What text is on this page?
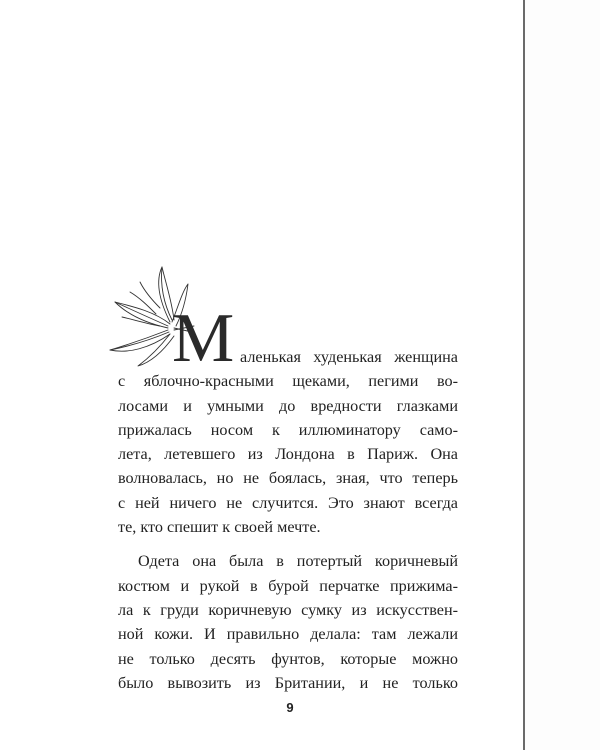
М аленькая худенькая женщина
с яблочно-красными щеками, пегими во-
лосами и умными до вредности глазками
прижалась носом к иллюминатору само-
лета, летевшего из Лондона в Париж. Она
волновалась, но не боялась, зная, что теперь
с ней ничего не случится. Это знают всегда
те, кто спешит к своей мечте.
Одета она была в потертый коричневый
костюм и рукой в бурой перчатке прижима-
ла к груди коричневую сумку из искусствен-
ной кожи. И правильно делала: там лежали
не только десять фунтов, которые можно
было вывозить из Британии, и не только
9
